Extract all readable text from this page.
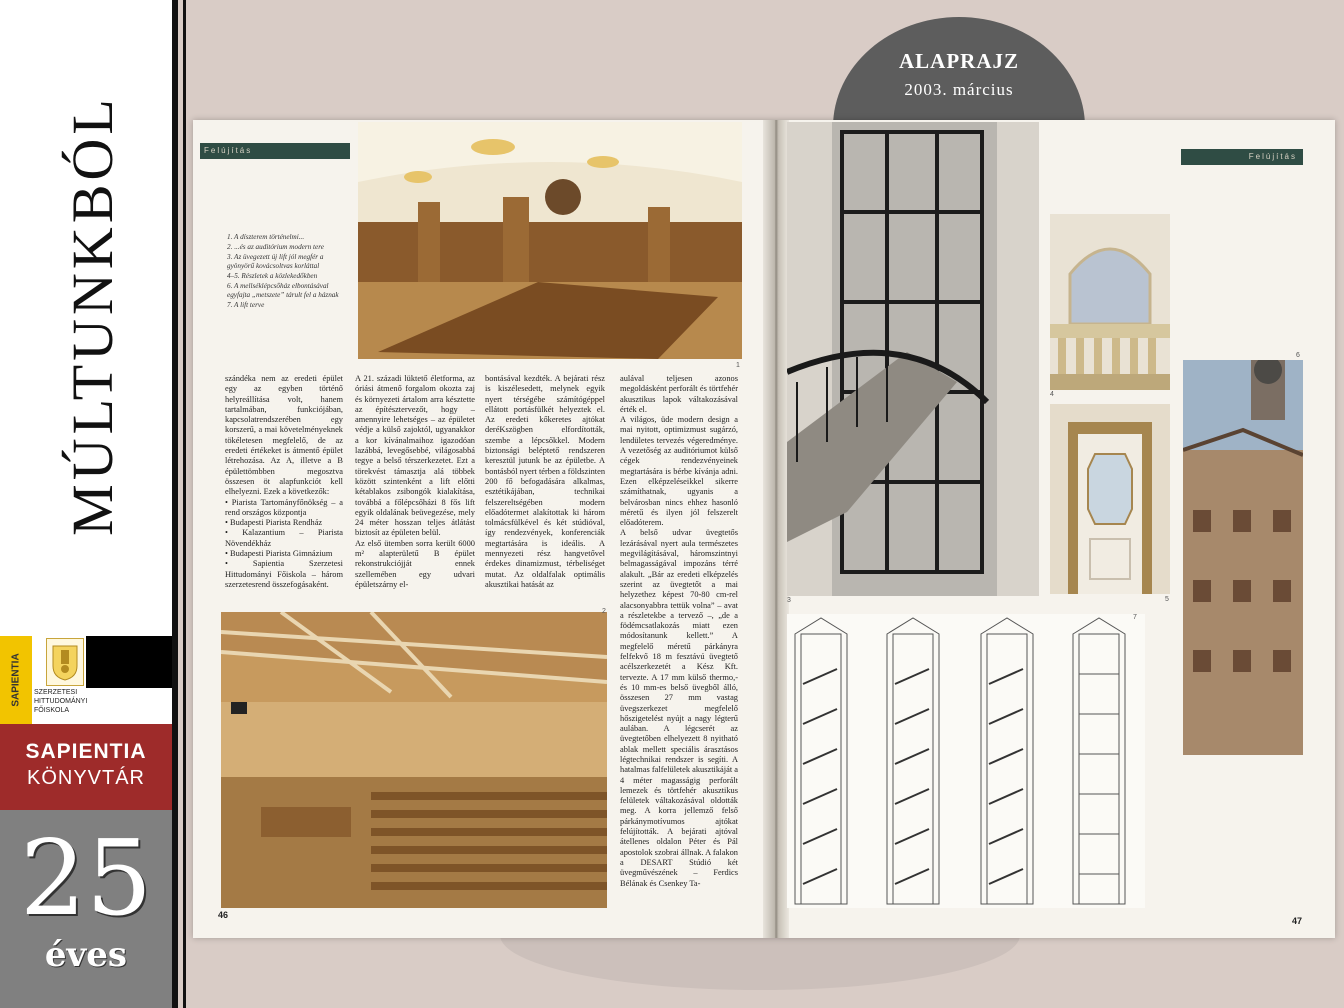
MÚLTUNKBÓL
SAPIENTIA SZERZETESI
HITTUDOMÁNYI
FŐISKOLA
SAPIENTIA
KÖNYVTÁR
25
éves
ALAPRAJZ
2003. március
Felújítás
Felújítás
1
1. A díszterem történelmi...
2. ...és az auditórium modern tere
3. Az üvegezett új lift jól megfér a gyönyörű kovácsoltvas korláttal
4–5. Részletek a közlekedőkben
6. A mellséklépcsőház elbontásával egyfajta „metszete” tárult fel a háznak
7. A lift terve
szándéka nem az eredeti épület egy az egyben történő helyreállítása volt, hanem tartalmában, funkciójában, kapcsolatrendszerében egy korszerű, a mai követelményeknek tökéletesen megfelelő, de az eredeti értékeket is átmentő épület létrehozása. Az A, illetve a B épülettömbben megosztva összesen öt alapfunkciót kell elhelyezni. Ezek a következők:
• Piarista Tartományfőnökség – a rend országos központja
• Budapesti Piarista Rendház
• Kalazantium – Piarista Növendékház
• Budapesti Piarista Gimnázium
• Sapientia Szerzetesi Hittudományi Főiskola – három szerzetesrend összefogásaként.
A 21. századi lüktető életforma, az óriási átmenő forgalom okozta zaj és környezeti ártalom arra késztette az építésztervezőt, hogy – amennyire lehetséges – az épületet védje a külső zajoktól, ugyanakkor a kor kívánalmaihoz igazodóan lazábbá, levegősebbé, világosabbá tegye a belső térszerkezetet. Ezt a törekvést támasztja alá többek között szintenként a lift előtti kétablakos zsibongók kialakítása, továbbá a főlépcsőházi 8 fős lift egyik oldalának beüvegezése, mely 24 méter hosszan teljes átlátást biztosít az épületen belül.
Az első ütemben sorra került 6000 m² alapterületű B épület rekonstrukciójját ennek szellemében egy udvari épületszárny el-
bontásával kezdték. A bejárati rész is kiszélesedett, melynek egyik nyert térségébe számítógéppel ellátott portásfülkét helyeztek el. Az eredeti kőkeretes ajtókat deréKszögben elfordították, szembe a lépcsőkkel. Modern biztonsági beléptető rendszeren keresztül jutunk be az épületbe. A bontásból nyert térben a földszinten 200 fő befogadására alkalmas, esztétikájában, technikai felszereltségében modern előadótermet alakítottak ki három tolmácsfülkével és két stúdióval, így rendezvények, konferenciák megtartására is ideális. A mennyezeti rész hangvetővel érdekes dinamizmust, térbeliséget mutat. Az oldalfalak optimális akusztikai hatását az
2
46
3
4
5
6
7
aulával teljesen azonos megoldásként perforált és törtfehér akusztikus lapok váltakozásával érték el.
A világos, üde modern design a mai nyitott, optimizmust sugárzó, lendületes tervezés végeredménye. A vezetőség az auditóriumot külső cégek rendezvényeinek megtartására is bérbe kívánja adni. Ezen elképzeléseikkel sikerre számíthatnak, ugyanis a belvárosban nincs ehhez hasonló méretű és ilyen jól felszerelt előadóterem.
A belső udvar üvegtetős lezárásával nyert aula természetes megvilágításával, háromszintnyi belmagasságával impozáns térré alakult. „Bár az eredeti elképzelés szerint az üvegtetőt a mai helyzethez képest 70-80 cm-rel alacsonyabbra tettük volna” – avat a részletekbe a tervező –, „de a födémcsatlakozás miatt ezen módosítanunk kellett.” A megfelelő méretű párkányra felfekvő 18 m fesztávú üvegtető acélszerkezetét a Kész Kft. tervezte. A 17 mm külső thermo,- és 10 mm-es belső üvegből álló, összesen 27 mm vastag üvegszerkezet megfelelő hőszigetelést nyújt a nagy légterű aulában. A légcserét az üvegtetőben elhelyezett 8 nyitható ablak mellett speciális árasztásos légtechnikai rendszer is segíti. A hatalmas falfelületek akusztikáját a 4 méter magasságig perforált lemezek és törtfehér akusztikus felületek váltakozásával oldották meg. A korra jellemző felső párkánymotívumos ajtókat felújították. A bejárati ajtóval átellenes oldalon Péter és Pál apostolok szobrai állnak. A falakon a DESART Stúdió két üvegművészének – Ferdics Bélának és Csenkey Ta-
47
